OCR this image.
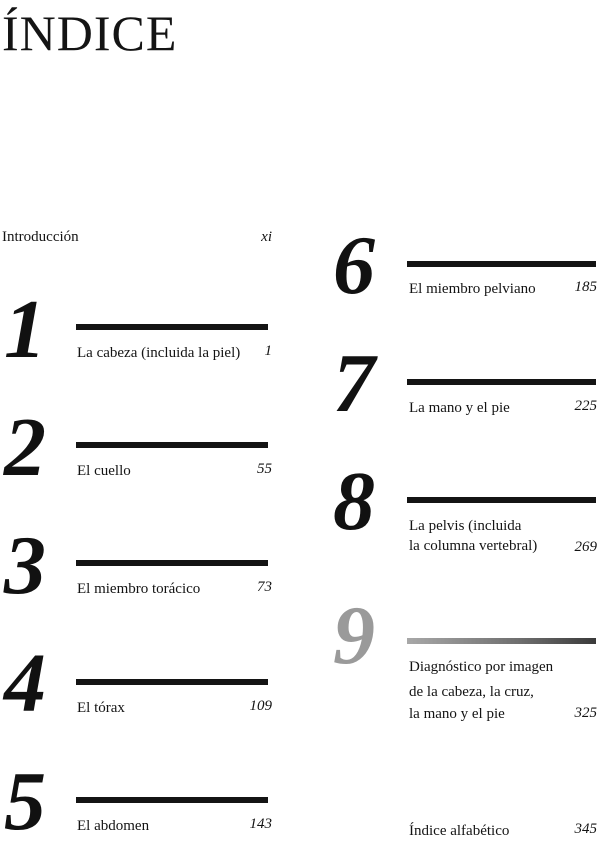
ÍNDICE
Introducción	xi
1 La cabeza (incluida la piel)	1
2 El cuello	55
3 El miembro torácico	73
4 El tórax	109
5 El abdomen	143
6 El miembro pelviano	185
7 La mano y el pie	225
8 La pelvis (incluida
la columna vertebral)	269
9 Diagnóstico por imagen
de la cabeza, la cruz,
la mano y el pie	325
Índice alfabético	345
